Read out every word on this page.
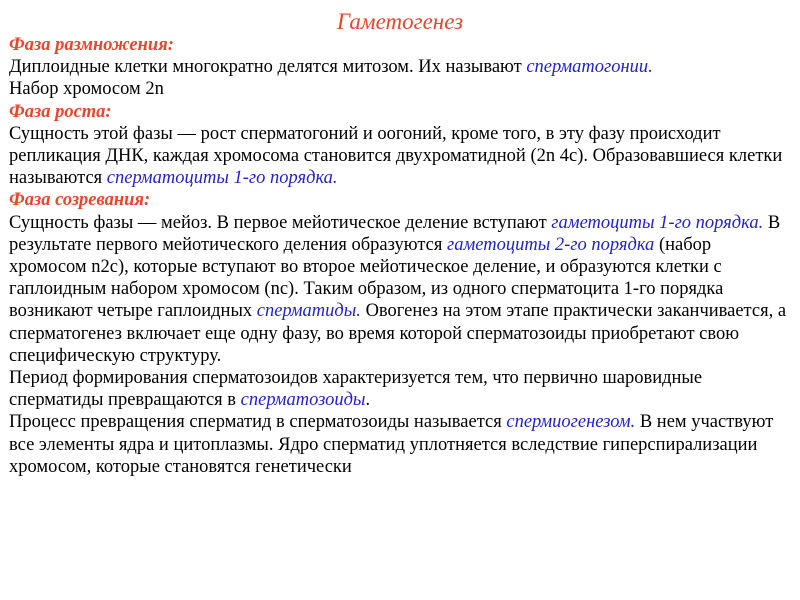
Гаметогенез

Фаза размножения:

Диплоидные клетки многократно делятся митозом. Их называют сперматогонии.

Набор хромосом 2n

Фаза роста:

Сущность этой фазы — рост сперматогоний и оогоний, кроме того, в эту фазу происходит репликация ДНК, каждая хромосома становится двухроматидной (2n 4c). Образовавшиеся клетки называются сперматоциты 1-го порядка.

Фаза созревания:

Сущность фазы — мейоз. В первое мейотическое деление вступают гаметоциты 1-го порядка. В результате первого мейотического деления образуются гаметоциты 2-го порядка (набор хромосом n2c), которые вступают во второе мейотическое деление, и образуются клетки с гаплоидным набором хромосом (nc). Таким образом, из одного сперматоцита 1-го порядка возникают четыре гаплоидных сперматиды. Овогенез на этом этапе практически заканчивается, а сперматогенез включает еще одну фазу, во время которой сперматозоиды приобретают свою специфическую структуру.

Период формирования сперматозоидов характеризуется тем, что первично шаровидные сперматиды превращаются в сперматозоиды.

Процесс превращения сперматид в сперматозоиды называется спермиогенезом. В нем участвуют все элементы ядра и цитоплазмы. Ядро сперматид уплотняется вследствие гиперспирализации хромосом, которые становятся генетически
